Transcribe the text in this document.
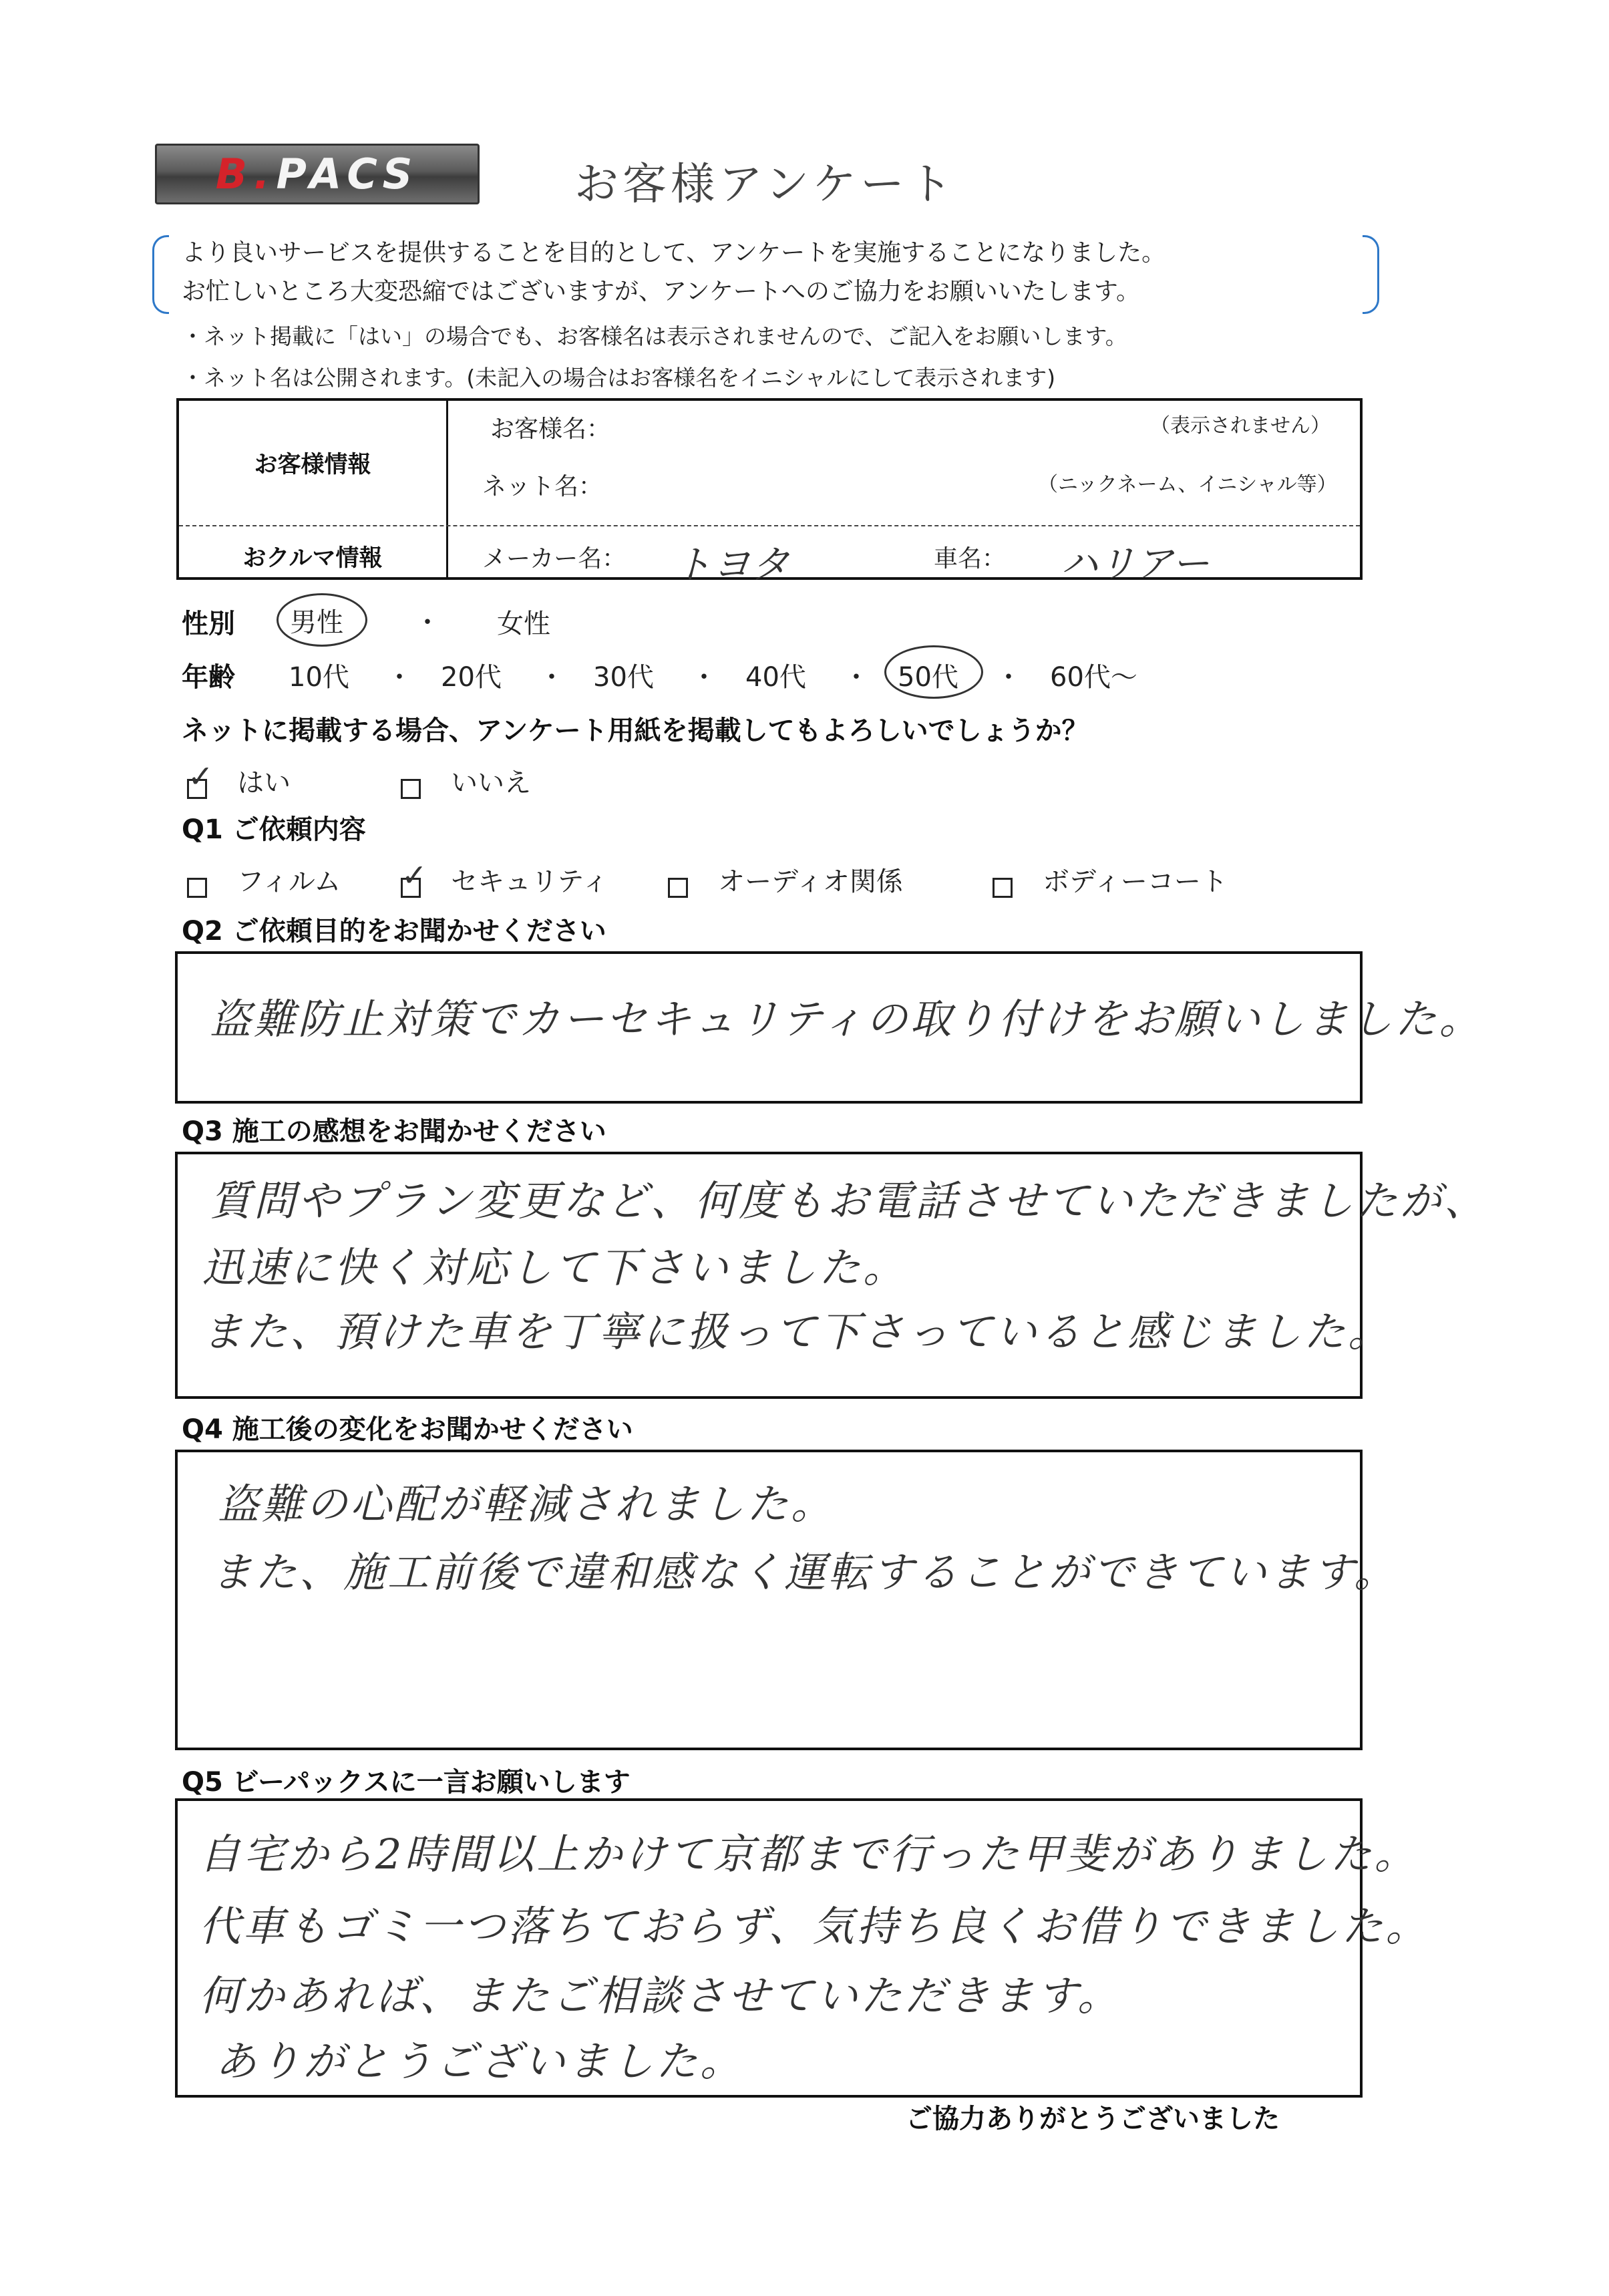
B. PACS	お客様アンケート
より良いサービスを提供することを目的として、アンケートを実施することになりました。
お忙しいところ大変恐縮ではございますが、アンケートへのご協力をお願いいたします。
・ネット掲載に「はい」の場合でも、お客様名は表示されませんので、ご記入をお願いします。
・ネット名は公開されます。(未記入の場合はお客様名をイニシャルにして表示されます)
お客様情報
おクルマ情報
お客様名：	（表示されません）
ネット名：	（ニックネーム、イニシャル等）
メーカー名： トヨタ	車名： ハリアー
性別 男性	・ 女性
年齢 10代 ・ 20代 ・ 30代 ・ 40代 ・ 50代 ・ 60代〜
ネットに掲載する場合、アンケート用紙を掲載してもよろしいでしょうか？
✓ はい	いいえ
Q1 ご依頼内容
フィルム
✓	セキュリティ	オーディオ関係	ボディーコート
Q2 ご依頼目的をお聞かせください
盗難防止対策でカーセキュリティの取り付けをお願いしました。
Q3 施工の感想をお聞かせください
質問やプラン変更など、何度もお電話させていただきましたが、
迅速に快く対応して下さいました。
また、預けた車を丁寧に扱って下さっていると感じました。
Q4 施工後の変化をお聞かせください
盗難の心配が軽減されました。
また、施工前後で違和感なく運転することができています。
Q5 ビーパックスに一言お願いします
自宅から2時間以上かけて京都まで行った甲斐がありました。
代車もゴミ一つ落ちておらず、気持ち良くお借りできました。
何かあれば、またご相談させていただきます。
ありがとうございました。
ご協力ありがとうございました
